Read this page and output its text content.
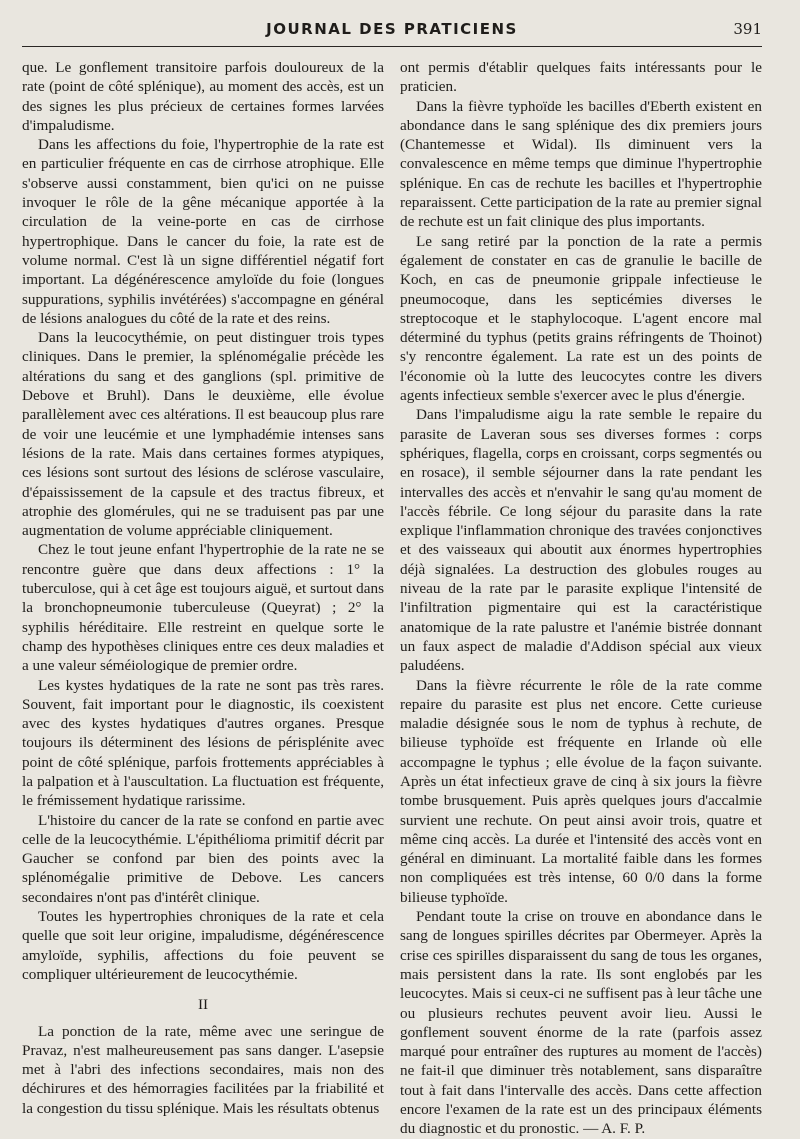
JOURNAL DES PRATICIENS	391

que. Le gonflement transitoire parfois douloureux de la rate (point de côté splénique), au moment des accès, est un des signes les plus précieux de certaines formes larvées d'impaludisme.

Dans les affections du foie, l'hypertrophie de la rate est en particulier fréquente en cas de cirrhose atrophique. Elle s'observe aussi constamment, bien qu'ici on ne puisse invoquer le rôle de la gêne mécanique apportée à la circulation de la veine-porte en cas de cirrhose hypertrophique. Dans le cancer du foie, la rate est de volume normal. C'est là un signe différentiel négatif fort important. La dégénérescence amyloïde du foie (longues suppurations, syphilis invétérées) s'accompagne en général de lésions analogues du côté de la rate et des reins.

Dans la leucocythémie, on peut distinguer trois types cliniques. Dans le premier, la splénomégalie précède les altérations du sang et des ganglions (spl. primitive de Debove et Bruhl). Dans le deuxième, elle évolue parallèlement avec ces altérations. Il est beaucoup plus rare de voir une leucémie et une lymphadémie intenses sans lésions de la rate. Mais dans certaines formes atypiques, ces lésions sont surtout des lésions de sclérose vasculaire, d'épaississement de la capsule et des tractus fibreux, et atrophie des glomérules, qui ne se traduisent pas par une augmentation de volume appréciable cliniquement.

Chez le tout jeune enfant l'hypertrophie de la rate ne se rencontre guère que dans deux affections : 1° la tuberculose, qui à cet âge est toujours aiguë, et surtout dans la bronchopneumonie tuberculeuse (Queyrat) ; 2° la syphilis héréditaire. Elle restreint en quelque sorte le champ des hypothèses cliniques entre ces deux maladies et a une valeur séméiologique de premier ordre.

Les kystes hydatiques de la rate ne sont pas très rares. Souvent, fait important pour le diagnostic, ils coexistent avec des kystes hydatiques d'autres organes. Presque toujours ils déterminent des lésions de périsplénite avec point de côté splénique, parfois frottements appréciables à la palpation et à l'auscultation. La fluctuation est fréquente, le frémissement hydatique rarissime.

L'histoire du cancer de la rate se confond en partie avec celle de la leucocythémie. L'épithélioma primitif décrit par Gaucher se confond par bien des points avec la splénomégalie primitive de Debove. Les cancers secondaires n'ont pas d'intérêt clinique.

Toutes les hypertrophies chroniques de la rate et cela quelle que soit leur origine, impaludisme, dégénérescence amyloïde, syphilis, affections du foie peuvent se compliquer ultérieurement de leucocythémie.

II

La ponction de la rate, même avec une seringue de Pravaz, n'est malheureusement pas sans danger. L'asepsie met à l'abri des infections secondaires, mais non des déchirures et des hémorragies facilitées par la friabilité et la congestion du tissu splénique. Mais les résultats obtenus

ont permis d'établir quelques faits intéressants pour le praticien.

Dans la fièvre typhoïde les bacilles d'Eberth existent en abondance dans le sang splénique des dix premiers jours (Chantemesse et Widal). Ils diminuent vers la convalescence en même temps que diminue l'hypertrophie splénique. En cas de rechute les bacilles et l'hypertrophie reparaissent. Cette participation de la rate au premier signal de rechute est un fait clinique des plus importants.

Le sang retiré par la ponction de la rate a permis également de constater en cas de granulie le bacille de Koch, en cas de pneumonie grippale infectieuse le pneumocoque, dans les septicémies diverses le streptocoque et le staphylocoque. L'agent encore mal déterminé du typhus (petits grains réfringents de Thoinot) s'y rencontre également. La rate est un des points de l'économie où la lutte des leucocytes contre les divers agents infectieux semble s'exercer avec le plus d'énergie.

Dans l'impaludisme aigu la rate semble le repaire du parasite de Laveran sous ses diverses formes : corps sphériques, flagella, corps en croissant, corps segmentés ou en rosace), il semble séjourner dans la rate pendant les intervalles des accès et n'envahir le sang qu'au moment de l'accès fébrile. Ce long séjour du parasite dans la rate explique l'inflammation chronique des travées conjonctives et des vaisseaux qui aboutit aux énormes hypertrophies déjà signalées. La destruction des globules rouges au niveau de la rate par le parasite explique l'intensité de l'infiltration pigmentaire qui est la caractéristique anatomique de la rate palustre et l'anémie bistrée donnant un faux aspect de maladie d'Addison spécial aux vieux paludéens.

Dans la fièvre récurrente le rôle de la rate comme repaire du parasite est plus net encore. Cette curieuse maladie désignée sous le nom de typhus à rechute, de bilieuse typhoïde est fréquente en Irlande où elle accompagne le typhus ; elle évolue de la façon suivante. Après un état infectieux grave de cinq à six jours la fièvre tombe brusquement. Puis après quelques jours d'accalmie survient une rechute. On peut ainsi avoir trois, quatre et même cinq accès. La durée et l'intensité des accès vont en général en diminuant. La mortalité faible dans les formes non compliquées est très intense, 60 0/0 dans la forme bilieuse typhoïde.

Pendant toute la crise on trouve en abondance dans le sang de longues spirilles décrites par Obermeyer. Après la crise ces spirilles disparaissent du sang de tous les organes, mais persistent dans la rate. Ils sont englobés par les leucocytes. Mais si ceux-ci ne suffisent pas à leur tâche une ou plusieurs rechutes peuvent avoir lieu. Aussi le gonflement souvent énorme de la rate (parfois assez marqué pour entraîner des ruptures au moment de l'accès) ne fait-il que diminuer très notablement, sans disparaître tout à fait dans l'intervalle des accès. Dans cette affection encore l'examen de la rate est un des principaux éléments du diagnostic et du pronostic. — A. F. P.
